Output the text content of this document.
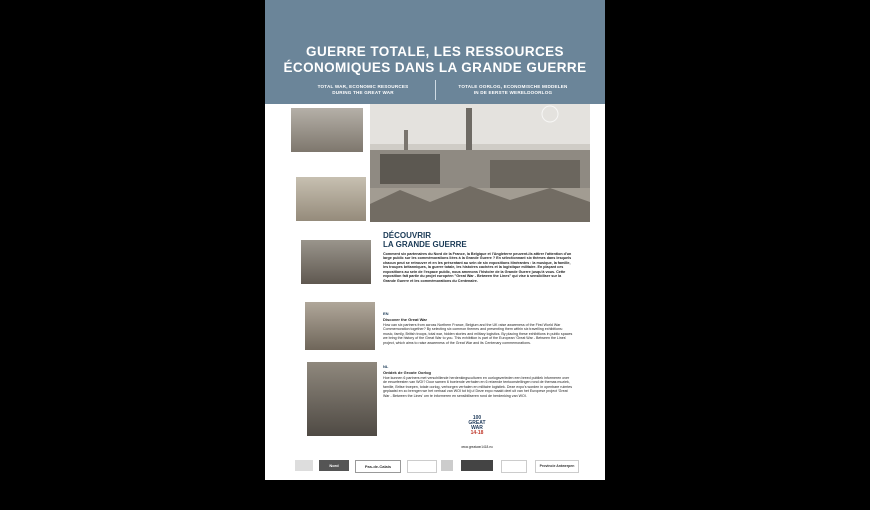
GUERRE TOTALE, LES RESSOURCES
ÉCONOMIQUES DANS LA GRANDE GUERRE
TOTAL WAR, ECONOMIC RESOURCES
DURING THE GREAT WAR
TOTALE OORLOG, ECONOMISCHE MIDDELEN
IN DE EERSTE WERELDOORLOG
DÉCOUVRIR
LA GRANDE GUERRE
Comment six partenaires du Nord de la France, la Belgique et l'Angleterre peuvent-ils attirer l'attention d'un large public sur les commémorations liées à la Grande Guerre ? En sélectionnant six thèmes dans lesquels chacun peut se retrouver et en les présentant au sein de six expositions itinérantes : la musique, la famille, les troupes britanniques, la guerre totale, les histoires cachées et la logistique militaire. En plaçant ces expositions au sein de l'espace public, nous amenons l'histoire de la Grande Guerre jusqu'à vous. Cette exposition fait partie du projet européen "Great War - Between the Lines" qui vise à sensibiliser sur la Grande Guerre et les commémorations du Centenaire.
EN
Discover the Great War
How can six partners from across Northern France, Belgium and the UK raise awareness of the First World War Commemoration together? By selecting six common themes and presenting them within six travelling exhibitions: music, family, British troops, total war, hidden stories and military logistics. By placing these exhibitions in public spaces we bring the history of the Great War to you. This exhibition is part of the European 'Great War - Between the Lines' project, which aims to raise awareness of the Great War and its Centenary commemorations.
NL
Ontdek de Groote Oorlog
Hoe kunnen 6 partners met verschillende herdenkingsculturen en oorlogsverleden een breed publiek informeren over de eeuwfeesten van WOI? Door samen 6 boeiende verhalen en 6 reizende tentoonstellingen rond de themas muziek, familie, Britse troepen, totale oorlog, verborgen verhalen en militaire logistiek. Deze expo's worden in openbare ruimtes geplaatst en zo brengen we het verhaal van WOI tot bij u! Deze expo maakt deel uit van het Europese project 'Great War - Between the Lines' om te informeren en sensibiliseren rond de herdenking van WOI.
100
GREAT
WAR
14-18
www.greatwar1418.eu
Nord	Pas-de-Calais	Provincie Antwerpen
